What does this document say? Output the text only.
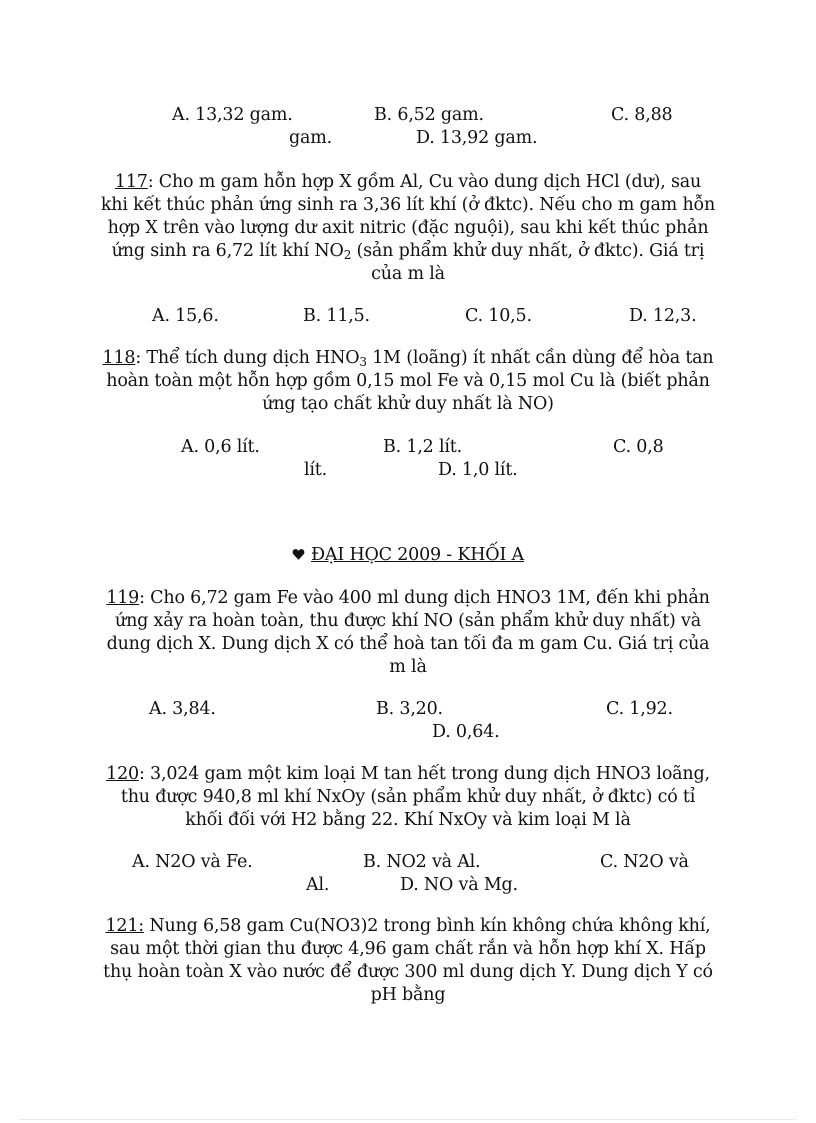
A. 13,32 gam.	B. 6,52 gam.	C. 8,88
gam.	D. 13,92 gam.
117: Cho m gam hỗn hợp X gồm Al, Cu vào dung dịch HCl (dư), sau
khi kết thúc phản ứng sinh ra 3,36 lít khí (ở đktc). Nếu cho m gam hỗn
hợp X trên vào lượng dư axit nitric (đặc nguội), sau khi kết thúc phản
ứng sinh ra 6,72 lít khí $NO_2$ (sản phẩm khử duy nhất, ở đktc). Giá trị
của m là
A. 15,6.	B. 11,5.	C. 10,5.	D. 12,3.
118: Thể tích dung dịch $HNO_3$ 1M (loãng) ít nhất cần dùng để hòa tan
hoàn toàn một hỗn hợp gồm 0,15 mol Fe và 0,15 mol Cu là (biết phản
ứng tạo chất khử duy nhất là NO)
A. 0,6 lít.	B. 1,2 lít.	C. 0,8
lít.	D. 1,0 lít.
ĐẠI HỌC 2009 - KHỐI A
119: Cho 6,72 gam Fe vào 400 ml dung dịch HNO3 1M, đến khi phản
ứng xảy ra hoàn toàn, thu được khí NO (sản phẩm khử duy nhất) và
dung dịch X. Dung dịch X có thể hoà tan tối đa m gam Cu. Giá trị của
m là
A. 3,84.	B. 3,20.	C. 1,92.
D. 0,64.
120: 3,024 gam một kim loại M tan hết trong dung dịch HNO3 loãng,
thu được 940,8 ml khí NxOy (sản phẩm khử duy nhất, ở đktc) có tỉ
khối đối với H2 bằng 22. Khí NxOy và kim loại M là
A. N2O và Fe.	B. NO2 và Al.	C. N2O và
Al.	D. NO và Mg.
121: Nung 6,58 gam Cu(NO3)2 trong bình kín không chứa không khí,
sau một thời gian thu được 4,96 gam chất rắn và hỗn hợp khí X. Hấp
thụ hoàn toàn X vào nước để được 300 ml dung dịch Y. Dung dịch Y có
pH bằng
